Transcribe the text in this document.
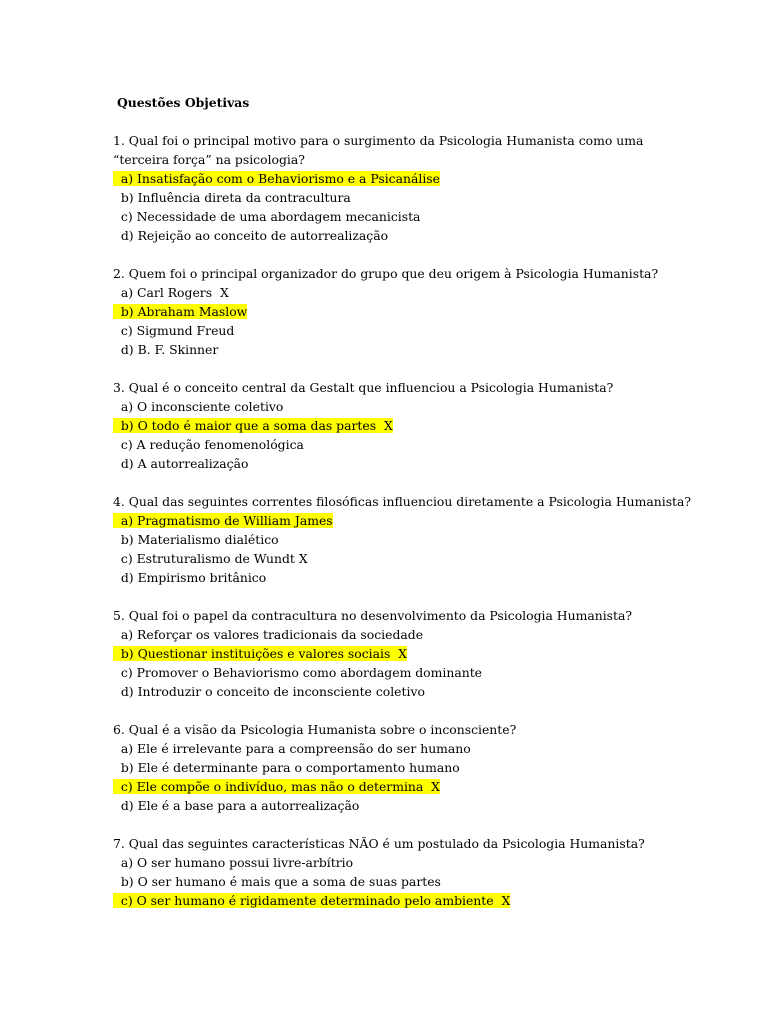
Questões Objetivas
1. Qual foi o principal motivo para o surgimento da Psicologia Humanista como uma
“terceira força” na psicologia?
a) Insatisfação com o Behaviorismo e a Psicanálise
b) Influência direta da contracultura
c) Necessidade de uma abordagem mecanicista
d) Rejeição ao conceito de autorrealização
2. Quem foi o principal organizador do grupo que deu origem à Psicologia Humanista?
a) Carl Rogers  X
b) Abraham Maslow
c) Sigmund Freud
d) B. F. Skinner
3. Qual é o conceito central da Gestalt que influenciou a Psicologia Humanista?
a) O inconsciente coletivo
b) O todo é maior que a soma das partes  X
c) A redução fenomenológica
d) A autorrealização
4. Qual das seguintes correntes filosóficas influenciou diretamente a Psicologia Humanista?
a) Pragmatismo de William James
b) Materialismo dialético
c) Estruturalismo de Wundt X
d) Empirismo britânico
5. Qual foi o papel da contracultura no desenvolvimento da Psicologia Humanista?
a) Reforçar os valores tradicionais da sociedade
b) Questionar instituições e valores sociais  X
c) Promover o Behaviorismo como abordagem dominante
d) Introduzir o conceito de inconsciente coletivo
6. Qual é a visão da Psicologia Humanista sobre o inconsciente?
a) Ele é irrelevante para a compreensão do ser humano
b) Ele é determinante para o comportamento humano
c) Ele compõe o indivíduo, mas não o determina  X
d) Ele é a base para a autorrealização
7. Qual das seguintes características NÃO é um postulado da Psicologia Humanista?
a) O ser humano possui livre-arbítrio
b) O ser humano é mais que a soma de suas partes
c) O ser humano é rigidamente determinado pelo ambiente  X
